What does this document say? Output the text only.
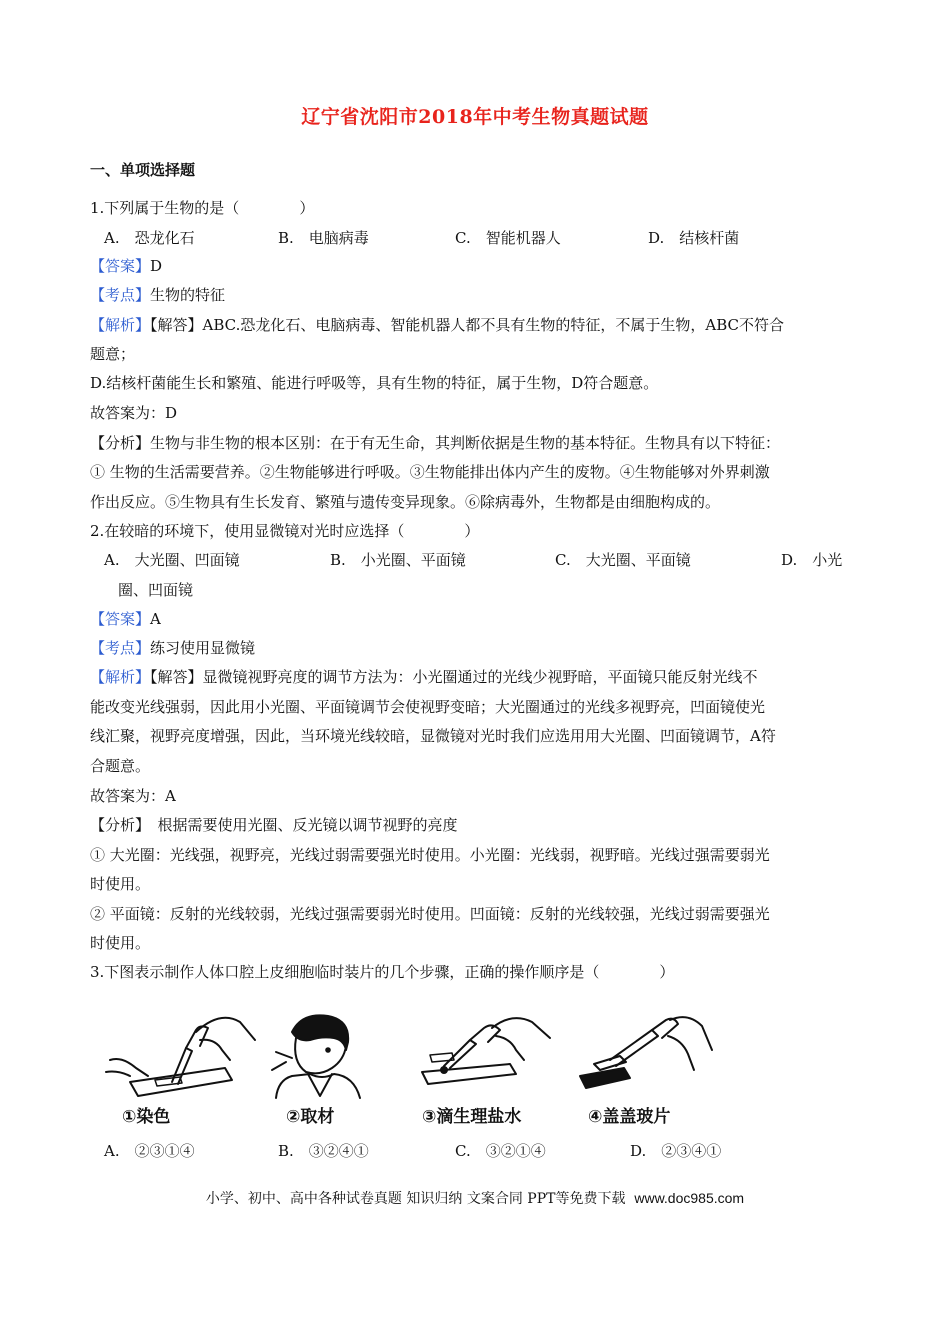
辽宁省沈阳市2018年中考生物真题试题
一、单项选择题
1.下列属于生物的是（　　　　）
A.　恐龙化石	B.　电脑病毒	C.　智能机器人	D.　结核杆菌
【答案】D
【考点】生物的特征
【解析】【解答】ABC.恐龙化石、电脑病毒、智能机器人都不具有生物的特征，不属于生物，ABC不符合
题意；
D.结核杆菌能生长和繁殖、能进行呼吸等，具有生物的特征，属于生物，D符合题意。
故答案为：D
【分析】生物与非生物的根本区别：在于有无生命，其判断依据是生物的基本特征。生物具有以下特征：
① 生物的生活需要营养。②生物能够进行呼吸。③生物能排出体内产生的废物。④生物能够对外界刺激
作出反应。⑤生物具有生长发育、繁殖与遗传变异现象。⑥除病毒外，生物都是由细胞构成的。
2.在较暗的环境下，使用显微镜对光时应选择（　　　　）
A.　大光圈、凹面镜	B.　小光圈、平面镜	C.　大光圈、平面镜	D.　小光
圈、凹面镜
【答案】A
【考点】练习使用显微镜
【解析】【解答】显微镜视野亮度的调节方法为：小光圈通过的光线少视野暗，平面镜只能反射光线不
能改变光线强弱，因此用小光圈、平面镜调节会使视野变暗；大光圈通过的光线多视野亮，凹面镜使光
线汇聚，视野亮度增强，因此，当环境光线较暗，显微镜对光时我们应选用用大光圈、凹面镜调节，A符
合题意。
故答案为：A
【分析】　根据需要使用光圈、反光镜以调节视野的亮度
① 大光圈：光线强，视野亮，光线过弱需要强光时使用。小光圈：光线弱，视野暗。光线过强需要弱光
时使用。
② 平面镜：反射的光线较弱，光线过强需要弱光时使用。凹面镜：反射的光线较强，光线过弱需要强光
时使用。
3.下图表示制作人体口腔上皮细胞临时装片的几个步骤，正确的操作顺序是（　　　　）
①染色	②取材	③滴生理盐水	④盖盖玻片
A.　②③①④	B.　③②④①	C.　③②①④	D.　②③④①
小学、初中、高中各种试卷真题 知识归纳 文案合同 PPT等免费下载 www.doc985.com
